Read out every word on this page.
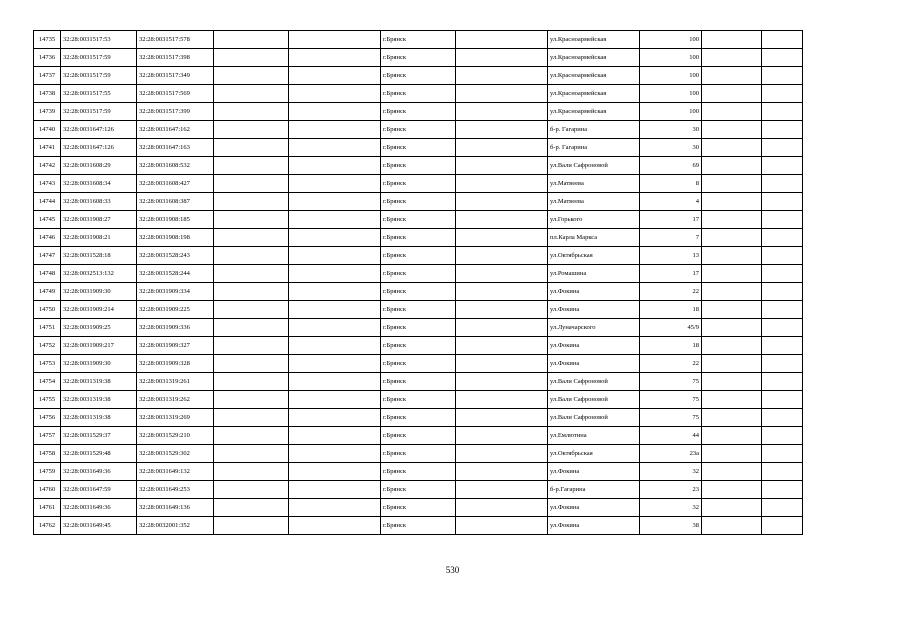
14735	32:28:0031517:53	32:28:0031517:578			г.Брянск		ул.Красноармейская	100		
14736	32:28:0031517:59	32:28:0031517:398			г.Брянск		ул.Красноармейская	100		
14737	32:28:0031517:59	32:28:0031517:349			г.Брянск		ул.Красноармейская	100		
14738	32:28:0031517:55	32:28:0031517:569			г.Брянск		ул.Красноармейская	100		
14739	32:28:0031517:59	32:28:0031517:399			г.Брянск		ул.Красноармейская	100		
14740	32:28:0031647:126	32:28:0031647:162			г.Брянск		б-р. Гагарина	30		
14741	32:28:0031647:126	32:28:0031647:163			г.Брянск		б-р. Гагарина	30		
14742	32:28:0031608:29	32:28:0031608:532			г.Брянск		ул.Вали Сафроновой	69		
14743	32:28:0031608:34	32:28:0031608:427			г.Брянск		ул.Матвеева	8		
14744	32:28:0031608:33	32:28:0031608:387			г.Брянск		ул.Матвеева	4		
14745	32:28:0031908:27	32:28:0031908:185			г.Брянск		ул.Горького	17		
14746	32:28:0031908:21	32:28:0031908:198			г.Брянск		пл.Карла Маркса	7		
14747	32:28:0031528:18	32:28:0031528:243			г.Брянск		ул.Октябрьская	13		
14748	32:28:0032513:132	32:28:0031528:244			г.Брянск		ул.Ромашина	17		
14749	32:28:0031909:30	32:28:0031909:334			г.Брянск		ул.Фокина	22		
14750	32:28:0031909:214	32:28:0031909:225			г.Брянск		ул.Фокина	18		
14751	32:28:0031909:25	32:28:0031909:336			г.Брянск		ул.Луначарского	45/9		
14752	32:28:0031909:217	32:28:0031909:327			г.Брянск		ул.Фокина	18		
14753	32:28:0031909:30	32:28:0031909:328			г.Брянск		ул.Фокина	22		
14754	32:28:0031319:38	32:28:0031319:261			г.Брянск		ул.Вали Сафроновой	75		
14755	32:28:0031319:38	32:28:0031319:262			г.Брянск		ул.Вали Сафроновой	75		
14756	32:28:0031319:38	32:28:0031319:269			г.Брянск		ул.Вали Сафроновой	75		
14757	32:28:0031529:37	32:28:0031529:210			г.Брянск		ул.Емлютина	44		
14758	32:28:0031529:48	32:28:0031529:302			г.Брянск		ул.Октябрьская	23а		
14759	32:28:0031649:36	32:28:0031649:132			г.Брянск		ул.Фокина	32		
14760	32:28:0031647:59	32:28:0031649:253			г.Брянск		б-р.Гагарина	23		
14761	32:28:0031649:36	32:28:0031649:136			г.Брянск		ул.Фокина	32		
14762	32:28:0031649:45	32:28:0032001:352			г.Брянск		ул.Фокина	38		
530
